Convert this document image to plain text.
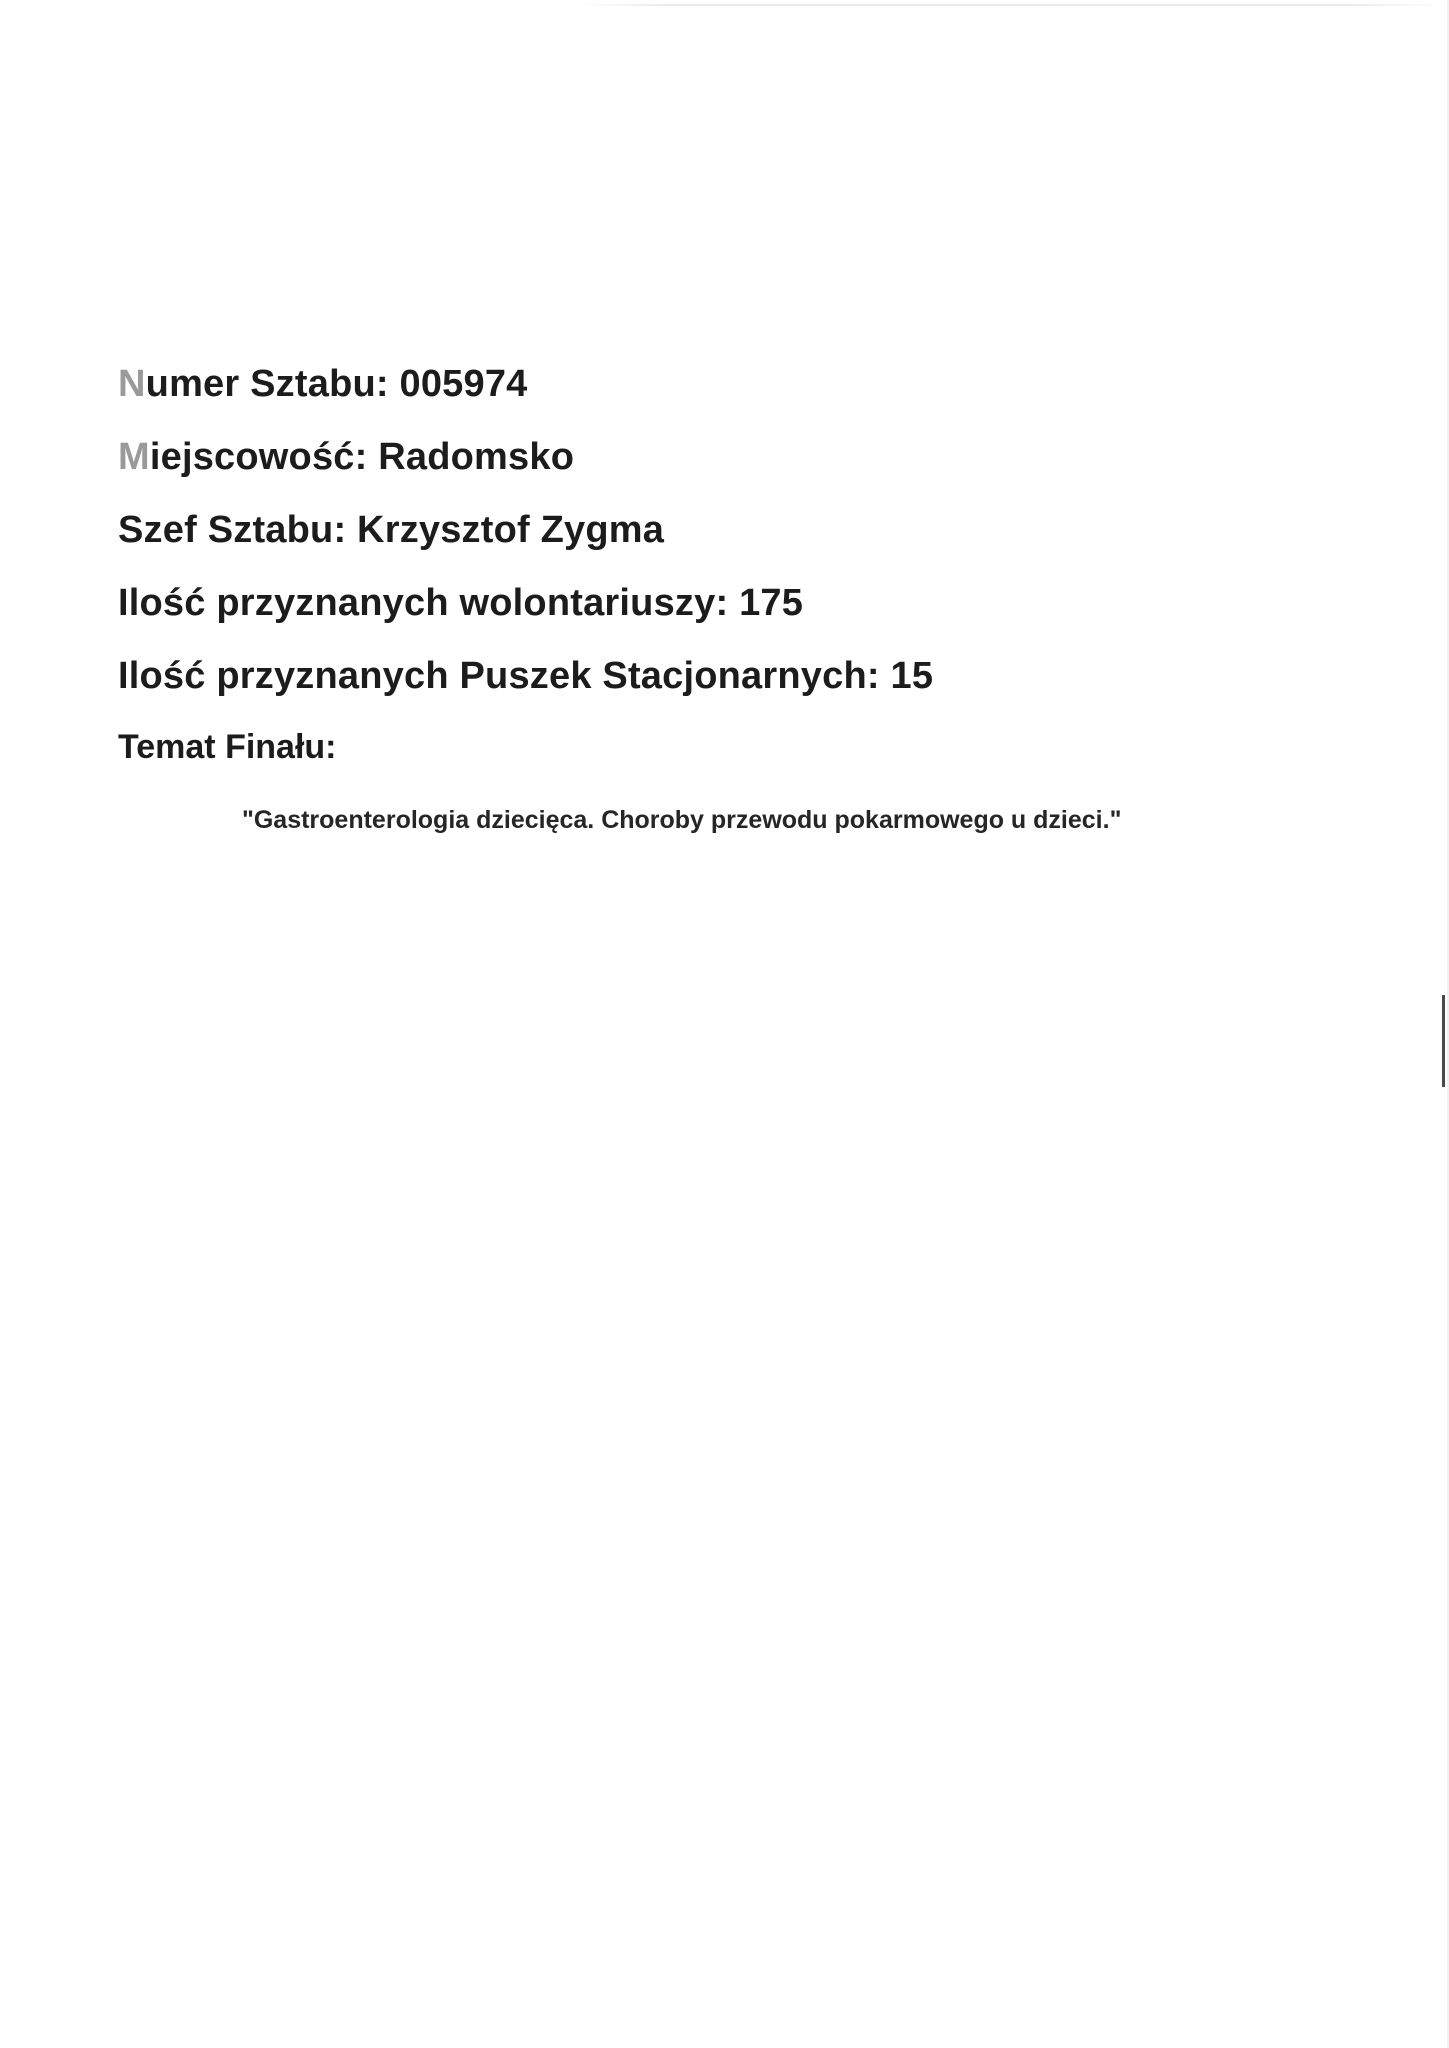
Numer Sztabu: 005974
Miejscowość: Radomsko
Szef Sztabu: Krzysztof Zygma
Ilość przyznanych wolontariuszy: 175
Ilość przyznanych Puszek Stacjonarnych: 15
Temat Finału:
"Gastroenterologia dziecięca. Choroby przewodu pokarmowego u dzieci."
